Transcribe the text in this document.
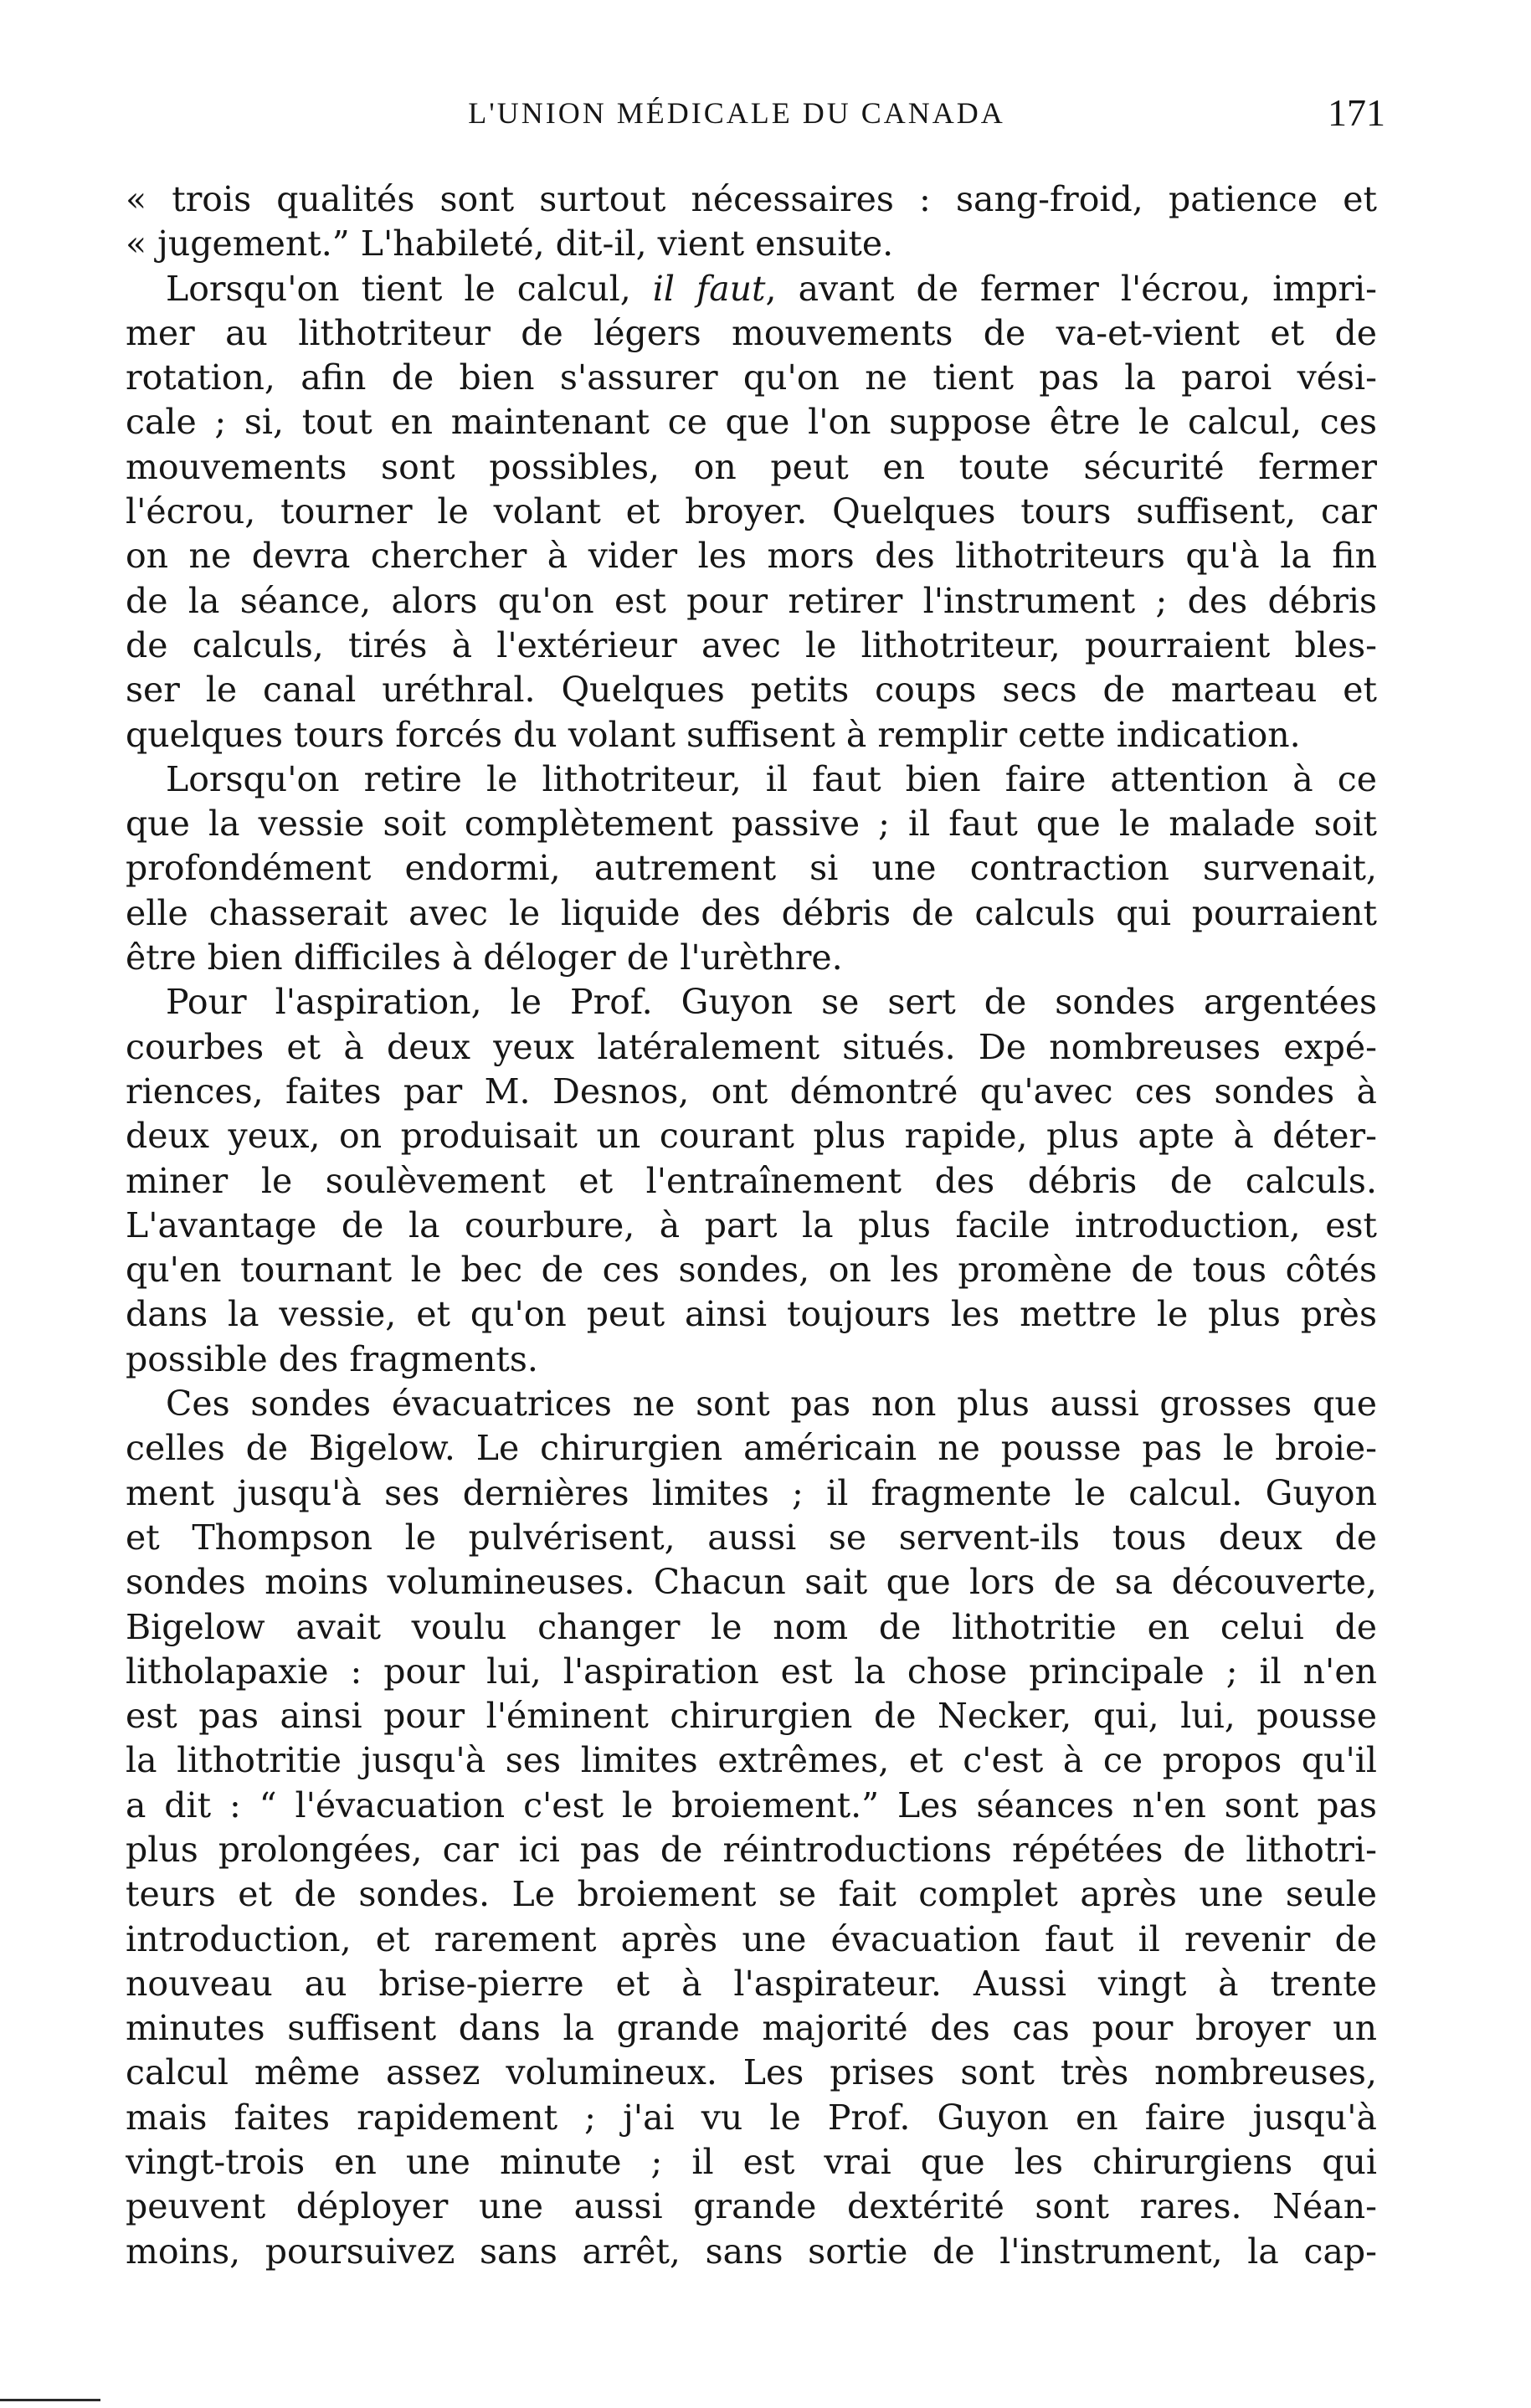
L'UNION MÉDICALE DU CANADA	171
« trois qualités sont surtout nécessaires : sang-froid, patience et
« jugement.” L'habileté, dit-il, vient ensuite.
Lorsqu'on tient le calcul, il faut, avant de fermer l'écrou, impri-
mer au lithotriteur de légers mouvements de va-et-vient et de
rotation, afin de bien s'assurer qu'on ne tient pas la paroi vési-
cale ; si, tout en maintenant ce que l'on suppose être le calcul, ces
mouvements sont possibles, on peut en toute sécurité fermer
l'écrou, tourner le volant et broyer. Quelques tours suffisent, car
on ne devra chercher à vider les mors des lithotriteurs qu'à la fin
de la séance, alors qu'on est pour retirer l'instrument ; des débris
de calculs, tirés à l'extérieur avec le lithotriteur, pourraient bles-
ser le canal uréthral. Quelques petits coups secs de marteau et
quelques tours forcés du volant suffisent à remplir cette indication.
Lorsqu'on retire le lithotriteur, il faut bien faire attention à ce
que la vessie soit complètement passive ; il faut que le malade soit
profondément endormi, autrement si une contraction survenait,
elle chasserait avec le liquide des débris de calculs qui pourraient
être bien difficiles à déloger de l'urèthre.
Pour l'aspiration, le Prof. Guyon se sert de sondes argentées
courbes et à deux yeux latéralement situés. De nombreuses expé-
riences, faites par M. Desnos, ont démontré qu'avec ces sondes à
deux yeux, on produisait un courant plus rapide, plus apte à déter-
miner le soulèvement et l'entraînement des débris de calculs.
L'avantage de la courbure, à part la plus facile introduction, est
qu'en tournant le bec de ces sondes, on les promène de tous côtés
dans la vessie, et qu'on peut ainsi toujours les mettre le plus près
possible des fragments.
Ces sondes évacuatrices ne sont pas non plus aussi grosses que
celles de Bigelow. Le chirurgien américain ne pousse pas le broie-
ment jusqu'à ses dernières limites ; il fragmente le calcul. Guyon
et Thompson le pulvérisent, aussi se servent-ils tous deux de
sondes moins volumineuses. Chacun sait que lors de sa découverte,
Bigelow avait voulu changer le nom de lithotritie en celui de
litholapaxie : pour lui, l'aspiration est la chose principale ; il n'en
est pas ainsi pour l'éminent chirurgien de Necker, qui, lui, pousse
la lithotritie jusqu'à ses limites extrêmes, et c'est à ce propos qu'il
a dit : “ l'évacuation c'est le broiement.” Les séances n'en sont pas
plus prolongées, car ici pas de réintroductions répétées de lithotri-
teurs et de sondes. Le broiement se fait complet après une seule
introduction, et rarement après une évacuation faut il revenir de
nouveau au brise-pierre et à l'aspirateur. Aussi vingt à trente
minutes suffisent dans la grande majorité des cas pour broyer un
calcul même assez volumineux. Les prises sont très nombreuses,
mais faites rapidement ; j'ai vu le Prof. Guyon en faire jusqu'à
vingt-trois en une minute ; il est vrai que les chirurgiens qui
peuvent déployer une aussi grande dextérité sont rares. Néan-
moins, poursuivez sans arrêt, sans sortie de l'instrument, la cap-
